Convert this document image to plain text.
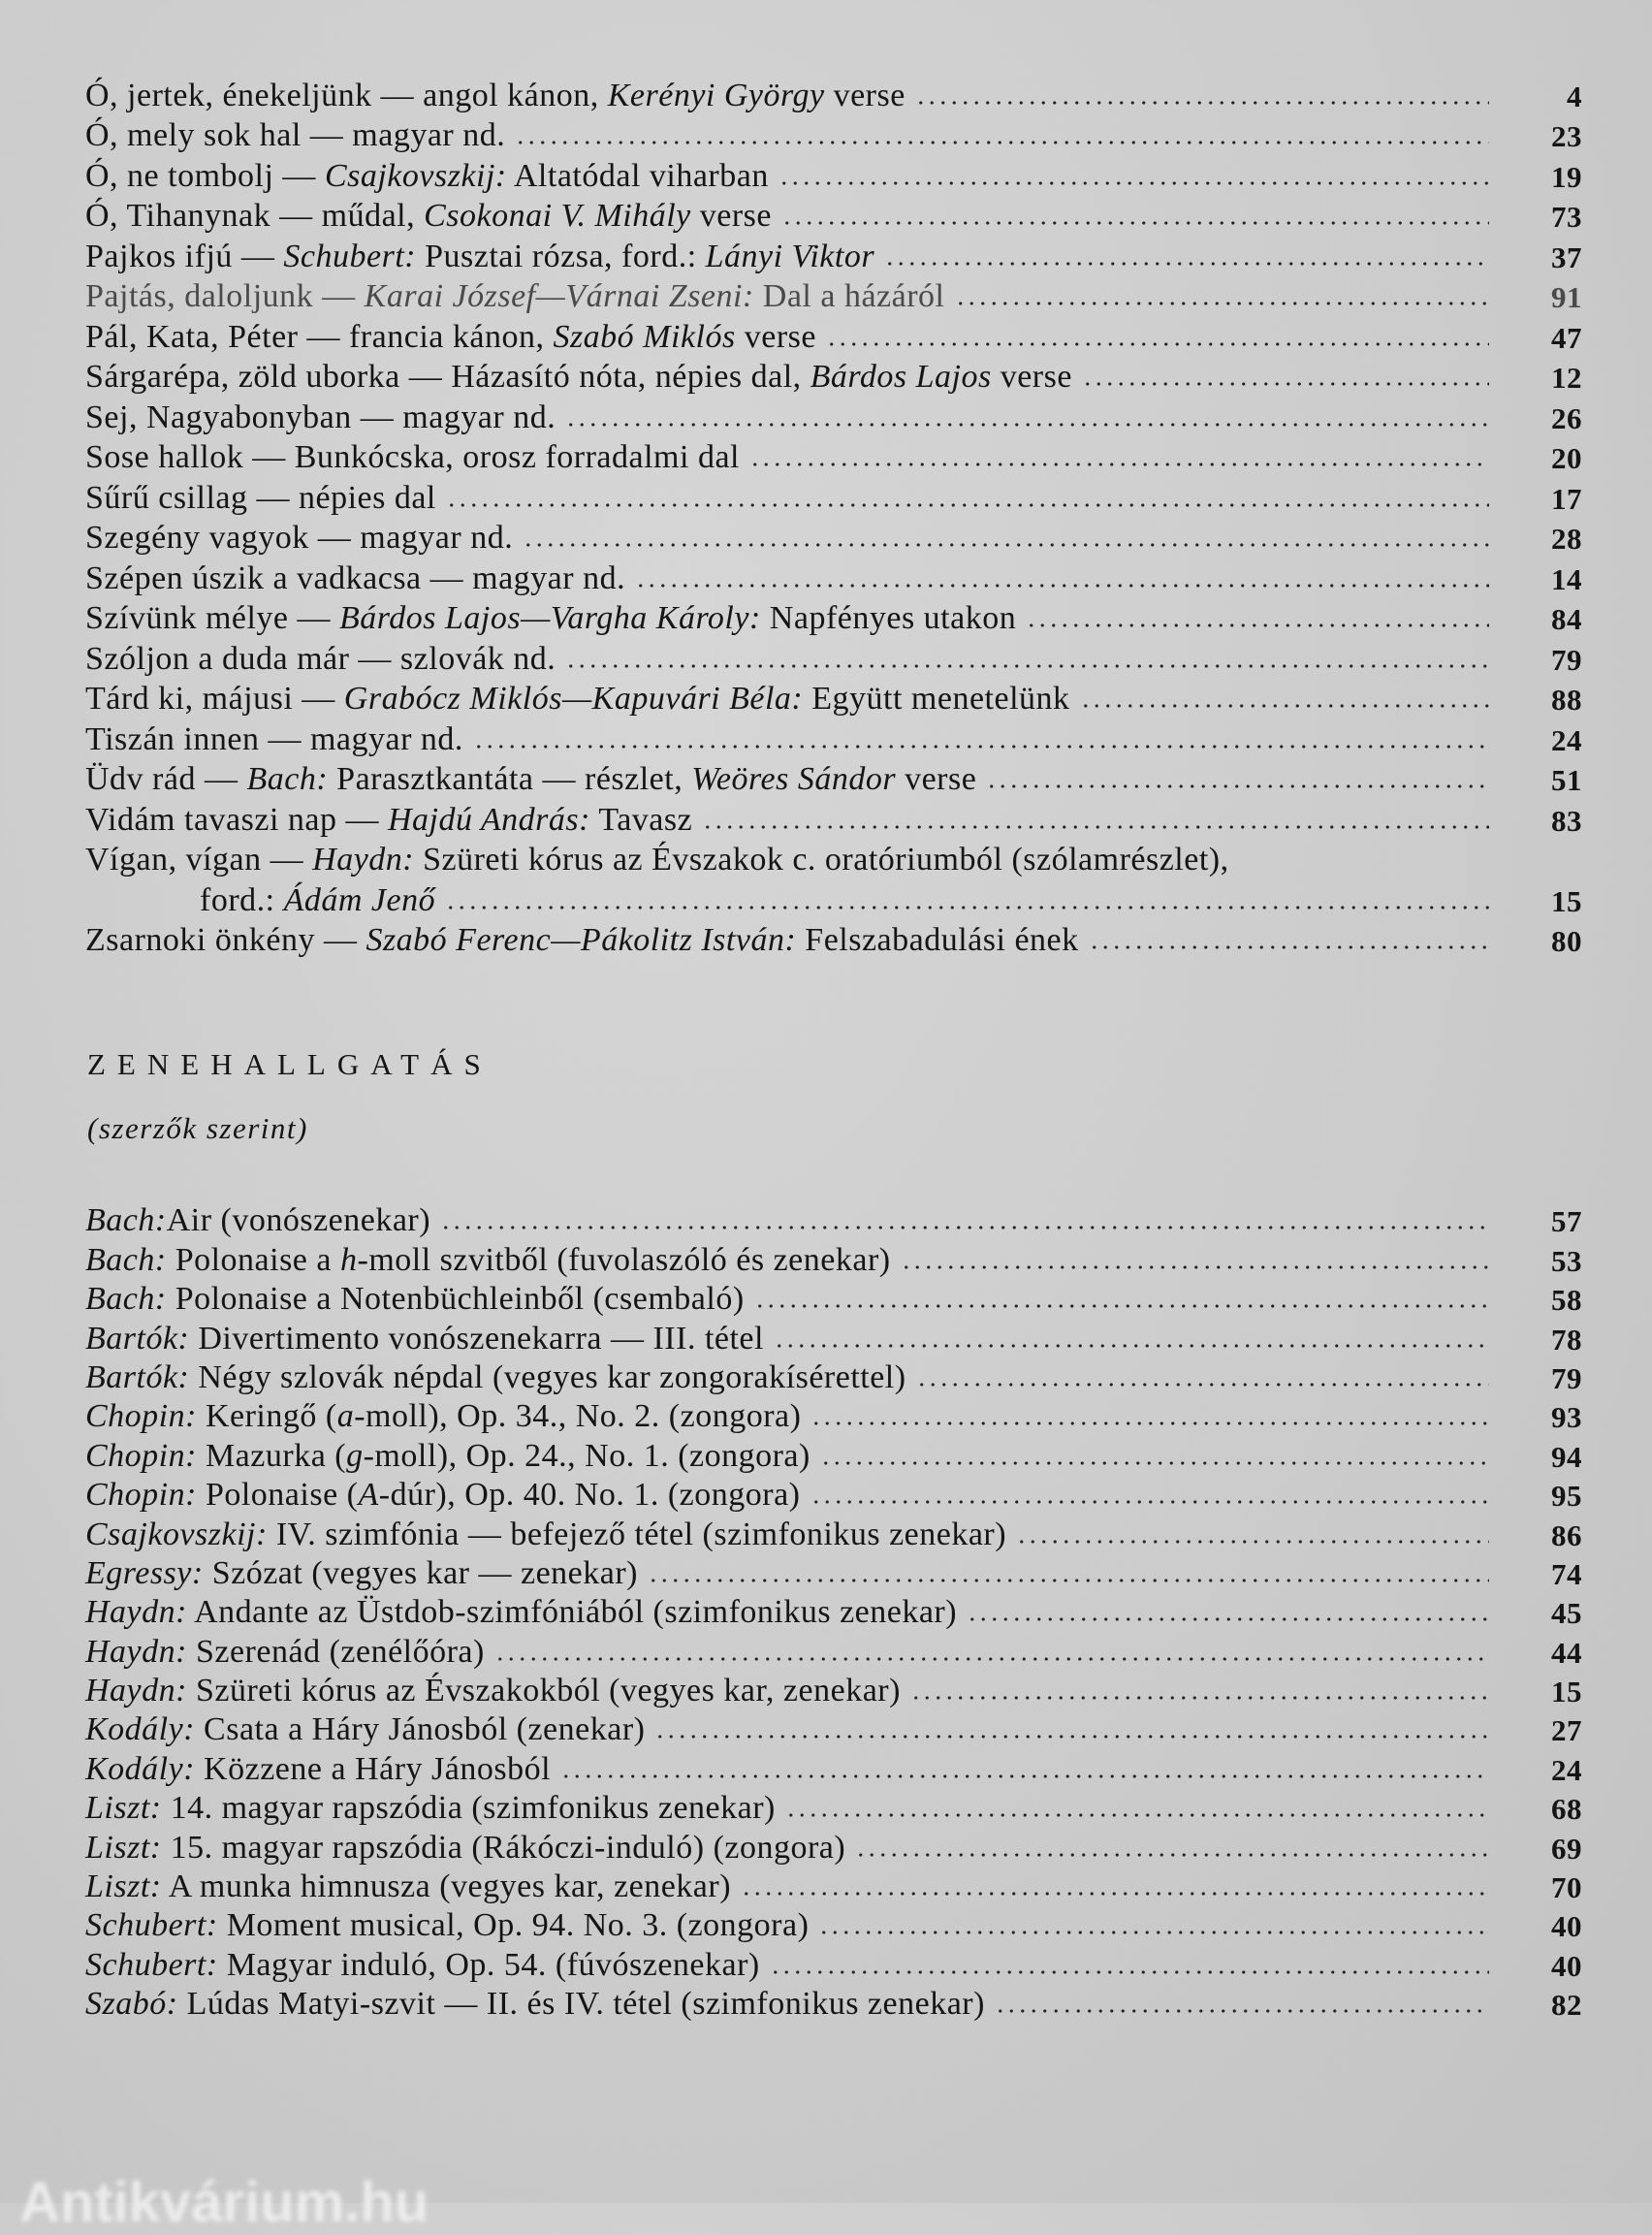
Ó, jertek, énekeljünk — angol kánon, Kerényi György verse	4
Ó, mely sok hal — magyar nd.	23
Ó, ne tombolj — Csajkovszkij: Altatódal viharban	19
Ó, Tihanynak — műdal, Csokonai V. Mihály verse	73
Pajkos ifjú — Schubert: Pusztai rózsa, ford.: Lányi Viktor	37
Pajtás, daloljunk — Karai József—Várnai Zseni: Dal a házáról	91
Pál, Kata, Péter — francia kánon, Szabó Miklós verse	47
Sárgarépa, zöld uborka — Házasító nóta, népies dal, Bárdos Lajos verse	12
Sej, Nagyabonyban — magyar nd.	26
Sose hallok — Bunkócska, orosz forradalmi dal	20
Sűrű csillag — népies dal	17
Szegény vagyok — magyar nd.	28
Szépen úszik a vadkacsa — magyar nd.	14
Szívünk mélye — Bárdos Lajos—Vargha Károly: Napfényes utakon	84
Szóljon a duda már — szlovák nd.	79
Tárd ki, májusi — Grabócz Miklós—Kapuvári Béla: Együtt menetelünk	88
Tiszán innen — magyar nd.	24
Üdv rád — Bach: Parasztkantáta — részlet, Weöres Sándor verse	51
Vidám tavaszi nap — Hajdú András: Tavasz	83
Vígan, vígan — Haydn: Szüreti kórus az Évszakok c. oratóriumból (szólamrészlet),
ford.: Ádám Jenő	15
Zsarnoki önkény — Szabó Ferenc—Pákolitz István: Felszabadulási ének	80
ZENEHALLGATÁS
(szerzők szerint)
Bach:Air (vonószenekar)	57
Bach: Polonaise a h-moll szvitből (fuvolaszóló és zenekar)	53
Bach: Polonaise a Notenbüchleinből (csembaló)	58
Bartók: Divertimento vonószenekarra — III. tétel	78
Bartók: Négy szlovák népdal (vegyes kar zongorakísérettel)	79
Chopin: Keringő (a-moll), Op. 34., No. 2. (zongora)	93
Chopin: Mazurka (g-moll), Op. 24., No. 1. (zongora)	94
Chopin: Polonaise (A-dúr), Op. 40. No. 1. (zongora)	95
Csajkovszkij: IV. szimfónia — befejező tétel (szimfonikus zenekar)	86
Egressy: Szózat (vegyes kar — zenekar)	74
Haydn: Andante az Üstdob-szimfóniából (szimfonikus zenekar)	45
Haydn: Szerenád (zenélőóra)	44
Haydn: Szüreti kórus az Évszakokból (vegyes kar, zenekar)	15
Kodály: Csata a Háry Jánosból (zenekar)	27
Kodály: Közzene a Háry Jánosból	24
Liszt: 14. magyar rapszódia (szimfonikus zenekar)	68
Liszt: 15. magyar rapszódia (Rákóczi-induló) (zongora)	69
Liszt: A munka himnusza (vegyes kar, zenekar)	70
Schubert: Moment musical, Op. 94. No. 3. (zongora)	40
Schubert: Magyar induló, Op. 54. (fúvószenekar)	40
Szabó: Lúdas Matyi-szvit — II. és IV. tétel (szimfonikus zenekar)	82
Antikvárium.hu
